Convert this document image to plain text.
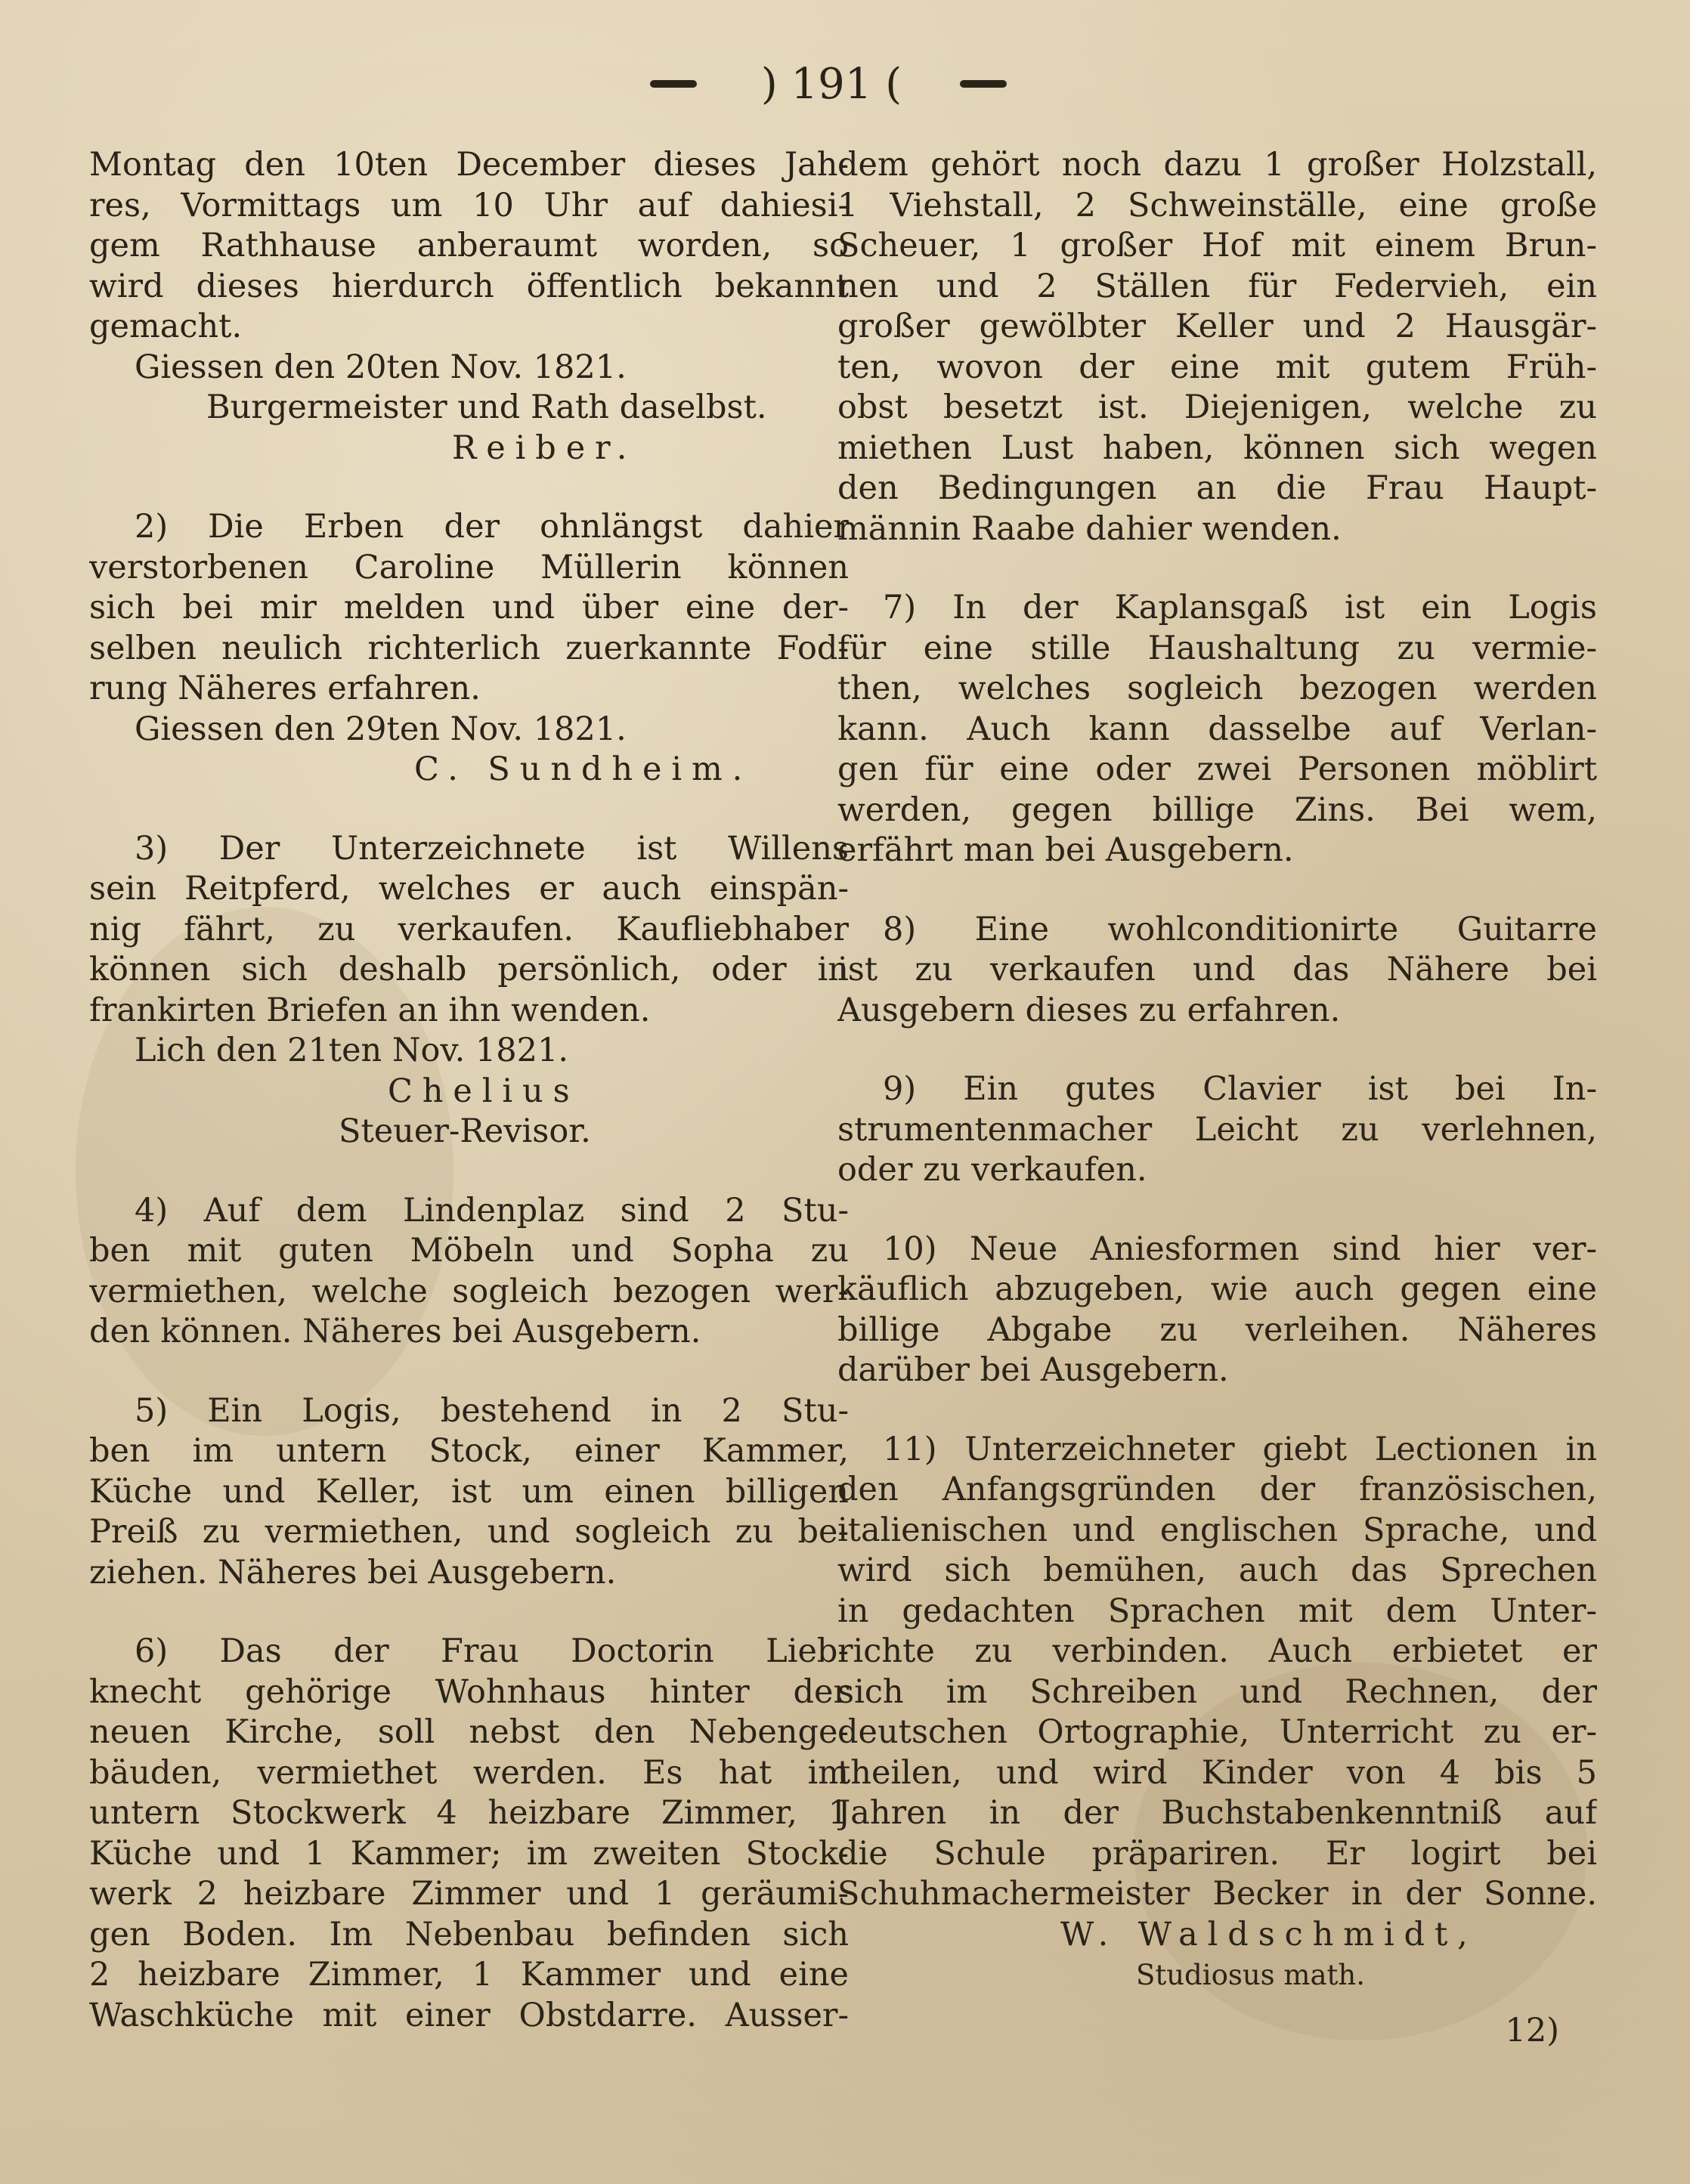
) 191 (
Montag den 10ten December dieses Jah-
res, Vormittags um 10 Uhr auf dahiesi-
gem Rathhause anberaumt worden, so
wird dieses hierdurch öffentlich bekannt
gemacht.
Giessen den 20ten Nov. 1821.
Burgermeister und Rath daselbst.
Reiber.
2) Die Erben der ohnlängst dahier
verstorbenen Caroline Müllerin können
sich bei mir melden und über eine der-
selben neulich richterlich zuerkannte Fod-
rung Näheres erfahren.
Giessen den 29ten Nov. 1821.
C. Sundheim.
3) Der Unterzeichnete ist Willens
sein Reitpferd, welches er auch einspän-
nig fährt, zu verkaufen. Kaufliebhaber
können sich deshalb persönlich, oder in
frankirten Briefen an ihn wenden.
Lich den 21ten Nov. 1821.
Chelius
Steuer-Revisor.
4) Auf dem Lindenplaz sind 2 Stu-
ben mit guten Möbeln und Sopha zu
vermiethen, welche sogleich bezogen wer-
den können. Näheres bei Ausgebern.
5) Ein Logis, bestehend in 2 Stu-
ben im untern Stock, einer Kammer,
Küche und Keller, ist um einen billigen
Preiß zu vermiethen, und sogleich zu be-
ziehen. Näheres bei Ausgebern.
6) Das der Frau Doctorin Lieb-
knecht gehörige Wohnhaus hinter der
neuen Kirche, soll nebst den Nebenge-
bäuden, vermiethet werden. Es hat im
untern Stockwerk 4 heizbare Zimmer, 1
Küche und 1 Kammer; im zweiten Stock-
werk 2 heizbare Zimmer und 1 geräumi-
gen Boden. Im Nebenbau befinden sich
2 heizbare Zimmer, 1 Kammer und eine
Waschküche mit einer Obstdarre. Ausser-
dem gehört noch dazu 1 großer Holzstall,
1 Viehstall, 2 Schweinställe, eine große
Scheuer, 1 großer Hof mit einem Brun-
nen und 2 Ställen für Federvieh, ein
großer gewölbter Keller und 2 Hausgär-
ten, wovon der eine mit gutem Früh-
obst besetzt ist. Diejenigen, welche zu
miethen Lust haben, können sich wegen
den Bedingungen an die Frau Haupt-
männin Raabe dahier wenden.
7) In der Kaplansgaß ist ein Logis
für eine stille Haushaltung zu vermie-
then, welches sogleich bezogen werden
kann. Auch kann dasselbe auf Verlan-
gen für eine oder zwei Personen möblirt
werden, gegen billige Zins. Bei wem,
erfährt man bei Ausgebern.
8) Eine wohlconditionirte Guitarre
ist zu verkaufen und das Nähere bei
Ausgebern dieses zu erfahren.
9) Ein gutes Clavier ist bei In-
strumentenmacher Leicht zu verlehnen,
oder zu verkaufen.
10) Neue Aniesformen sind hier ver-
käuflich abzugeben, wie auch gegen eine
billige Abgabe zu verleihen. Näheres
darüber bei Ausgebern.
11) Unterzeichneter giebt Lectionen in
den Anfangsgründen der französischen,
italienischen und englischen Sprache, und
wird sich bemühen, auch das Sprechen
in gedachten Sprachen mit dem Unter-
richte zu verbinden. Auch erbietet er
sich im Schreiben und Rechnen, der
deutschen Ortographie, Unterricht zu er-
theilen, und wird Kinder von 4 bis 5
Jahren in der Buchstabenkenntniß auf
die Schule präpariren. Er logirt bei
Schuhmachermeister Becker in der Sonne.
W. Waldschmidt,
Studiosus math.
12)
